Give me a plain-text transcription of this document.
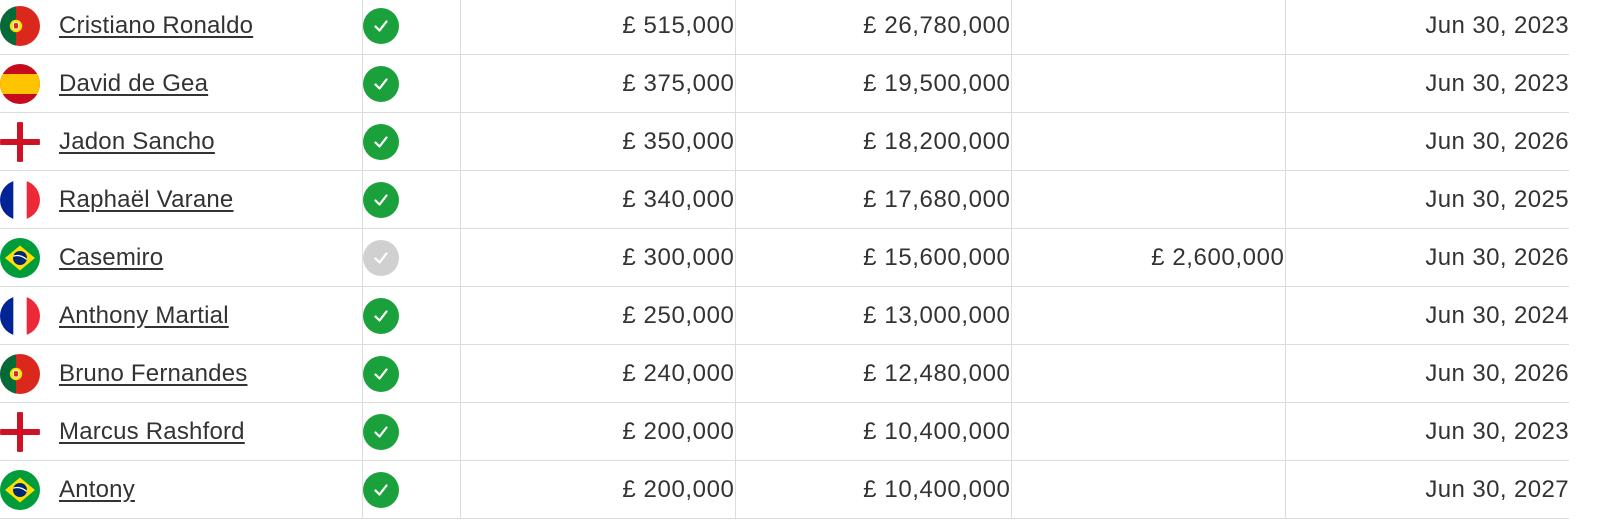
Cristiano Ronaldo		£ 515,000	£ 26,780,000		Jun 30, 2023

David de Gea		£ 375,000	£ 19,500,000		Jun 30, 2023

Jadon Sancho		£ 350,000	£ 18,200,000		Jun 30, 2026

Raphaël Varane		£ 340,000	£ 17,680,000		Jun 30, 2025

Casemiro		£ 300,000	£ 15,600,000	£ 2,600,000	Jun 30, 2026

Anthony Martial		£ 250,000	£ 13,000,000		Jun 30, 2024

Bruno Fernandes		£ 240,000	£ 12,480,000		Jun 30, 2026

Marcus Rashford		£ 200,000	£ 10,400,000		Jun 30, 2023

Antony		£ 200,000	£ 10,400,000		Jun 30, 2027
